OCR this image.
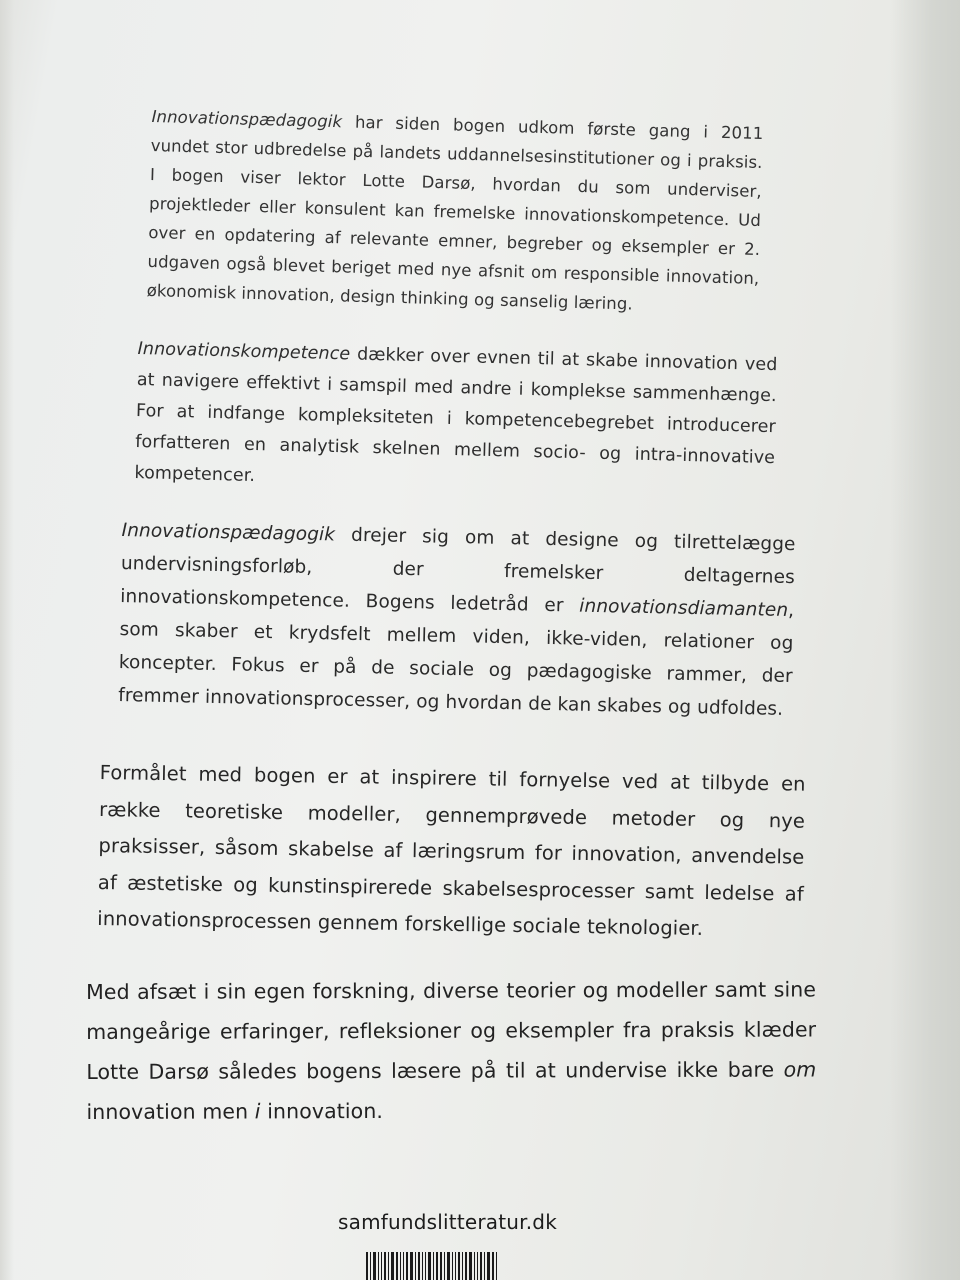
Innovationspædagogik har siden bogen udkom første gang i 2011 vundet stor udbredelse på landets uddannelsesinstitutioner og i praksis. I bogen viser lektor Lotte Darsø, hvordan du som underviser, projektleder eller konsulent kan fremelske innovationskompetence. Ud over en opdatering af relevante emner, begreber og eksempler er 2. udgaven også blevet beriget med nye afsnit om responsible innovation, økonomisk innovation, design thinking og sanselig læring.

Innovationskompetence dækker over evnen til at skabe innovation ved at navigere effektivt i samspil med andre i komplekse sammenhænge. For at indfange kompleksiteten i kompetencebegrebet introducerer forfatteren en analytisk skelnen mellem socio- og intra-innovative kompetencer.

Innovationspædagogik drejer sig om at designe og tilrettelægge undervisningsforløb, der fremelsker deltagernes innovationskompetence. Bogens ledetråd er innovationsdiamanten, som skaber et krydsfelt mellem viden, ikke-viden, relationer og koncepter. Fokus er på de sociale og pædagogiske rammer, der fremmer innovationsprocesser, og hvordan de kan skabes og udfoldes.

Formålet med bogen er at inspirere til fornyelse ved at tilbyde en række teoretiske modeller, gennemprøvede metoder og nye praksisser, såsom skabelse af læringsrum for innovation, anvendelse af æstetiske og kunstinspirerede skabelsesprocesser samt ledelse af innovationsprocessen gennem forskellige sociale teknologier.

Med afsæt i sin egen forskning, diverse teorier og modeller samt sine mangeårige erfaringer, refleksioner og eksempler fra praksis klæder Lotte Darsø således bogens læsere på til at undervise ikke bare om innovation men i innovation.

samfundslitteratur.dk
